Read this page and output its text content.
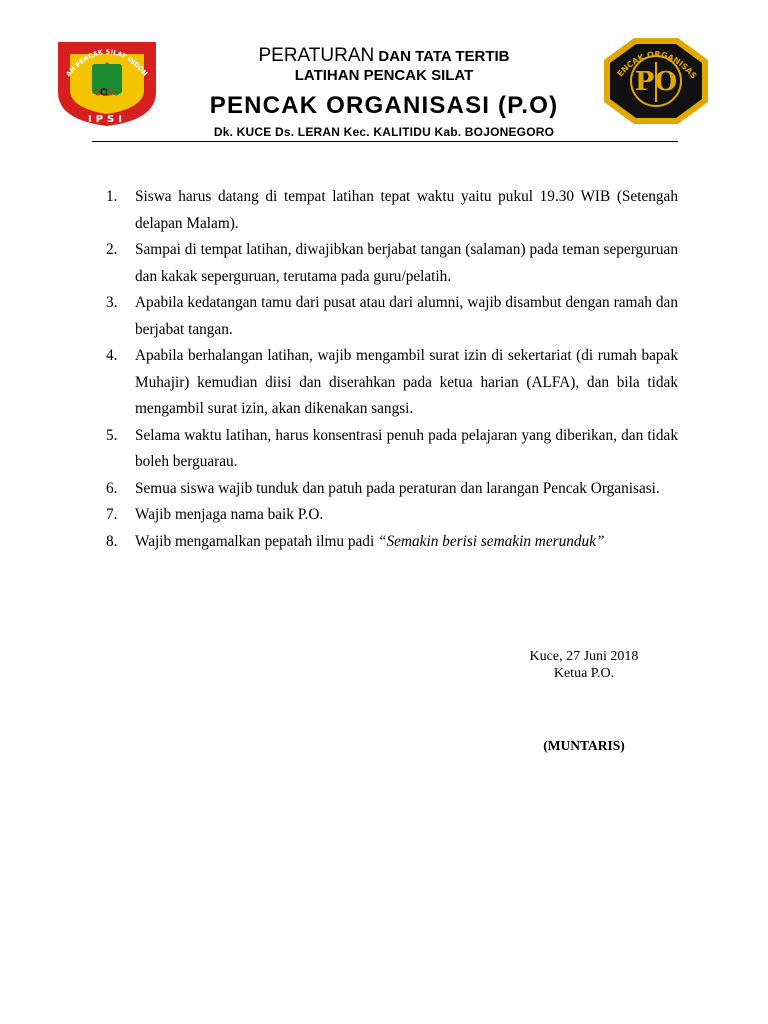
AN PENCAK SILAT INDON
IPSI
PERATURAN DAN TATA TERTIB
LATIHAN PENCAK SILAT
PENCAK ORGANISASI (P.O)
Dk. KUCE Ds. LERAN Kec. KALITIDU Kab. BOJONEGORO
ENCAK ORGANISAS
PO
1.	Siswa harus datang di tempat latihan tepat waktu yaitu pukul 19.30 WIB (Setengah delapan Malam).
2.	Sampai di tempat latihan, diwajibkan berjabat tangan (salaman) pada teman seperguruan dan kakak seperguruan, terutama pada guru/pelatih.
3.	Apabila kedatangan tamu dari pusat atau dari alumni, wajib disambut dengan ramah dan berjabat tangan.
4.	Apabila berhalangan latihan, wajib mengambil surat izin di sekertariat (di rumah bapak Muhajir) kemudian diisi dan diserahkan pada ketua harian (ALFA), dan bila tidak mengambil surat izin, akan dikenakan sangsi.
5.	Selama waktu latihan, harus konsentrasi penuh pada pelajaran yang diberikan, dan tidak boleh berguarau.
6.	Semua siswa wajib tunduk dan patuh pada peraturan dan larangan Pencak Organisasi.
7.	Wajib menjaga nama baik P.O.
8.	Wajib mengamalkan pepatah ilmu padi “Semakin berisi semakin merunduk”
Kuce, 27 Juni 2018
Ketua P.O.
(MUNTARIS)
